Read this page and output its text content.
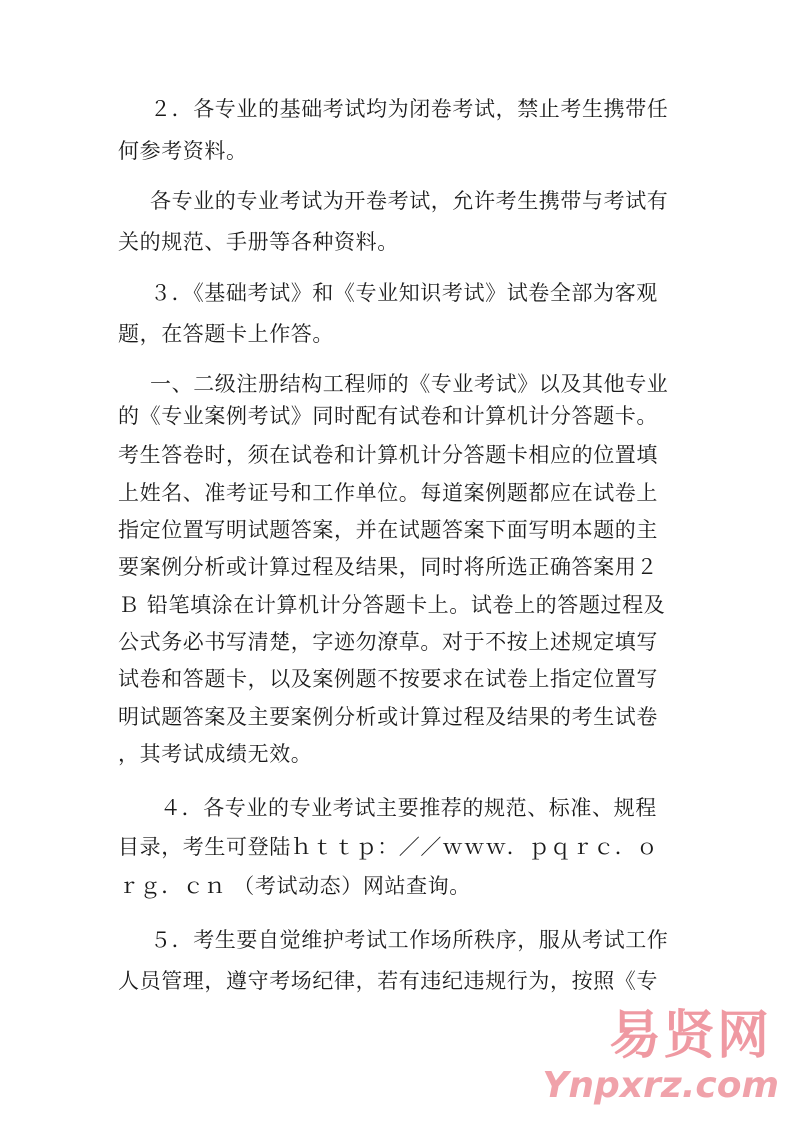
２．各专业的基础考试均为闭卷考试，禁止考生携带任
何参考资料。
各专业的专业考试为开卷考试，允许考生携带与考试有
关的规范、手册等各种资料。
３．《基础考试》和《专业知识考试》试卷全部为客观
题，在答题卡上作答。
一、二级注册结构工程师的《专业考试》以及其他专业
的《专业案例考试》同时配有试卷和计算机计分答题卡。
考生答卷时，须在试卷和计算机计分答题卡相应的位置填
上姓名、准考证号和工作单位。每道案例题都应在试卷上
指定位置写明试题答案，并在试题答案下面写明本题的主
要案例分析或计算过程及结果，同时将所选正确答案用２
Ｂ 铅笔填涂在计算机计分答题卡上。试卷上的答题过程及
公式务必书写清楚，字迹勿潦草。对于不按上述规定填写
试卷和答题卡，以及案例题不按要求在试卷上指定位置写
明试题答案及主要案例分析或计算过程及结果的考生试卷
，其考试成绩无效。
４．各专业的专业考试主要推荐的规范、标准、规程
目录，考生可登陆ｈｔｔｐ：／／ｗｗｗ．ｐｑｒｃ．ｏ
ｒｇ．ｃｎ （考试动态）网站查询。
５．考生要自觉维护考试工作场所秩序，服从考试工作
人员管理，遵守考场纪律，若有违纪违规行为，按照《专
易贤网
Ynpxrz.com
